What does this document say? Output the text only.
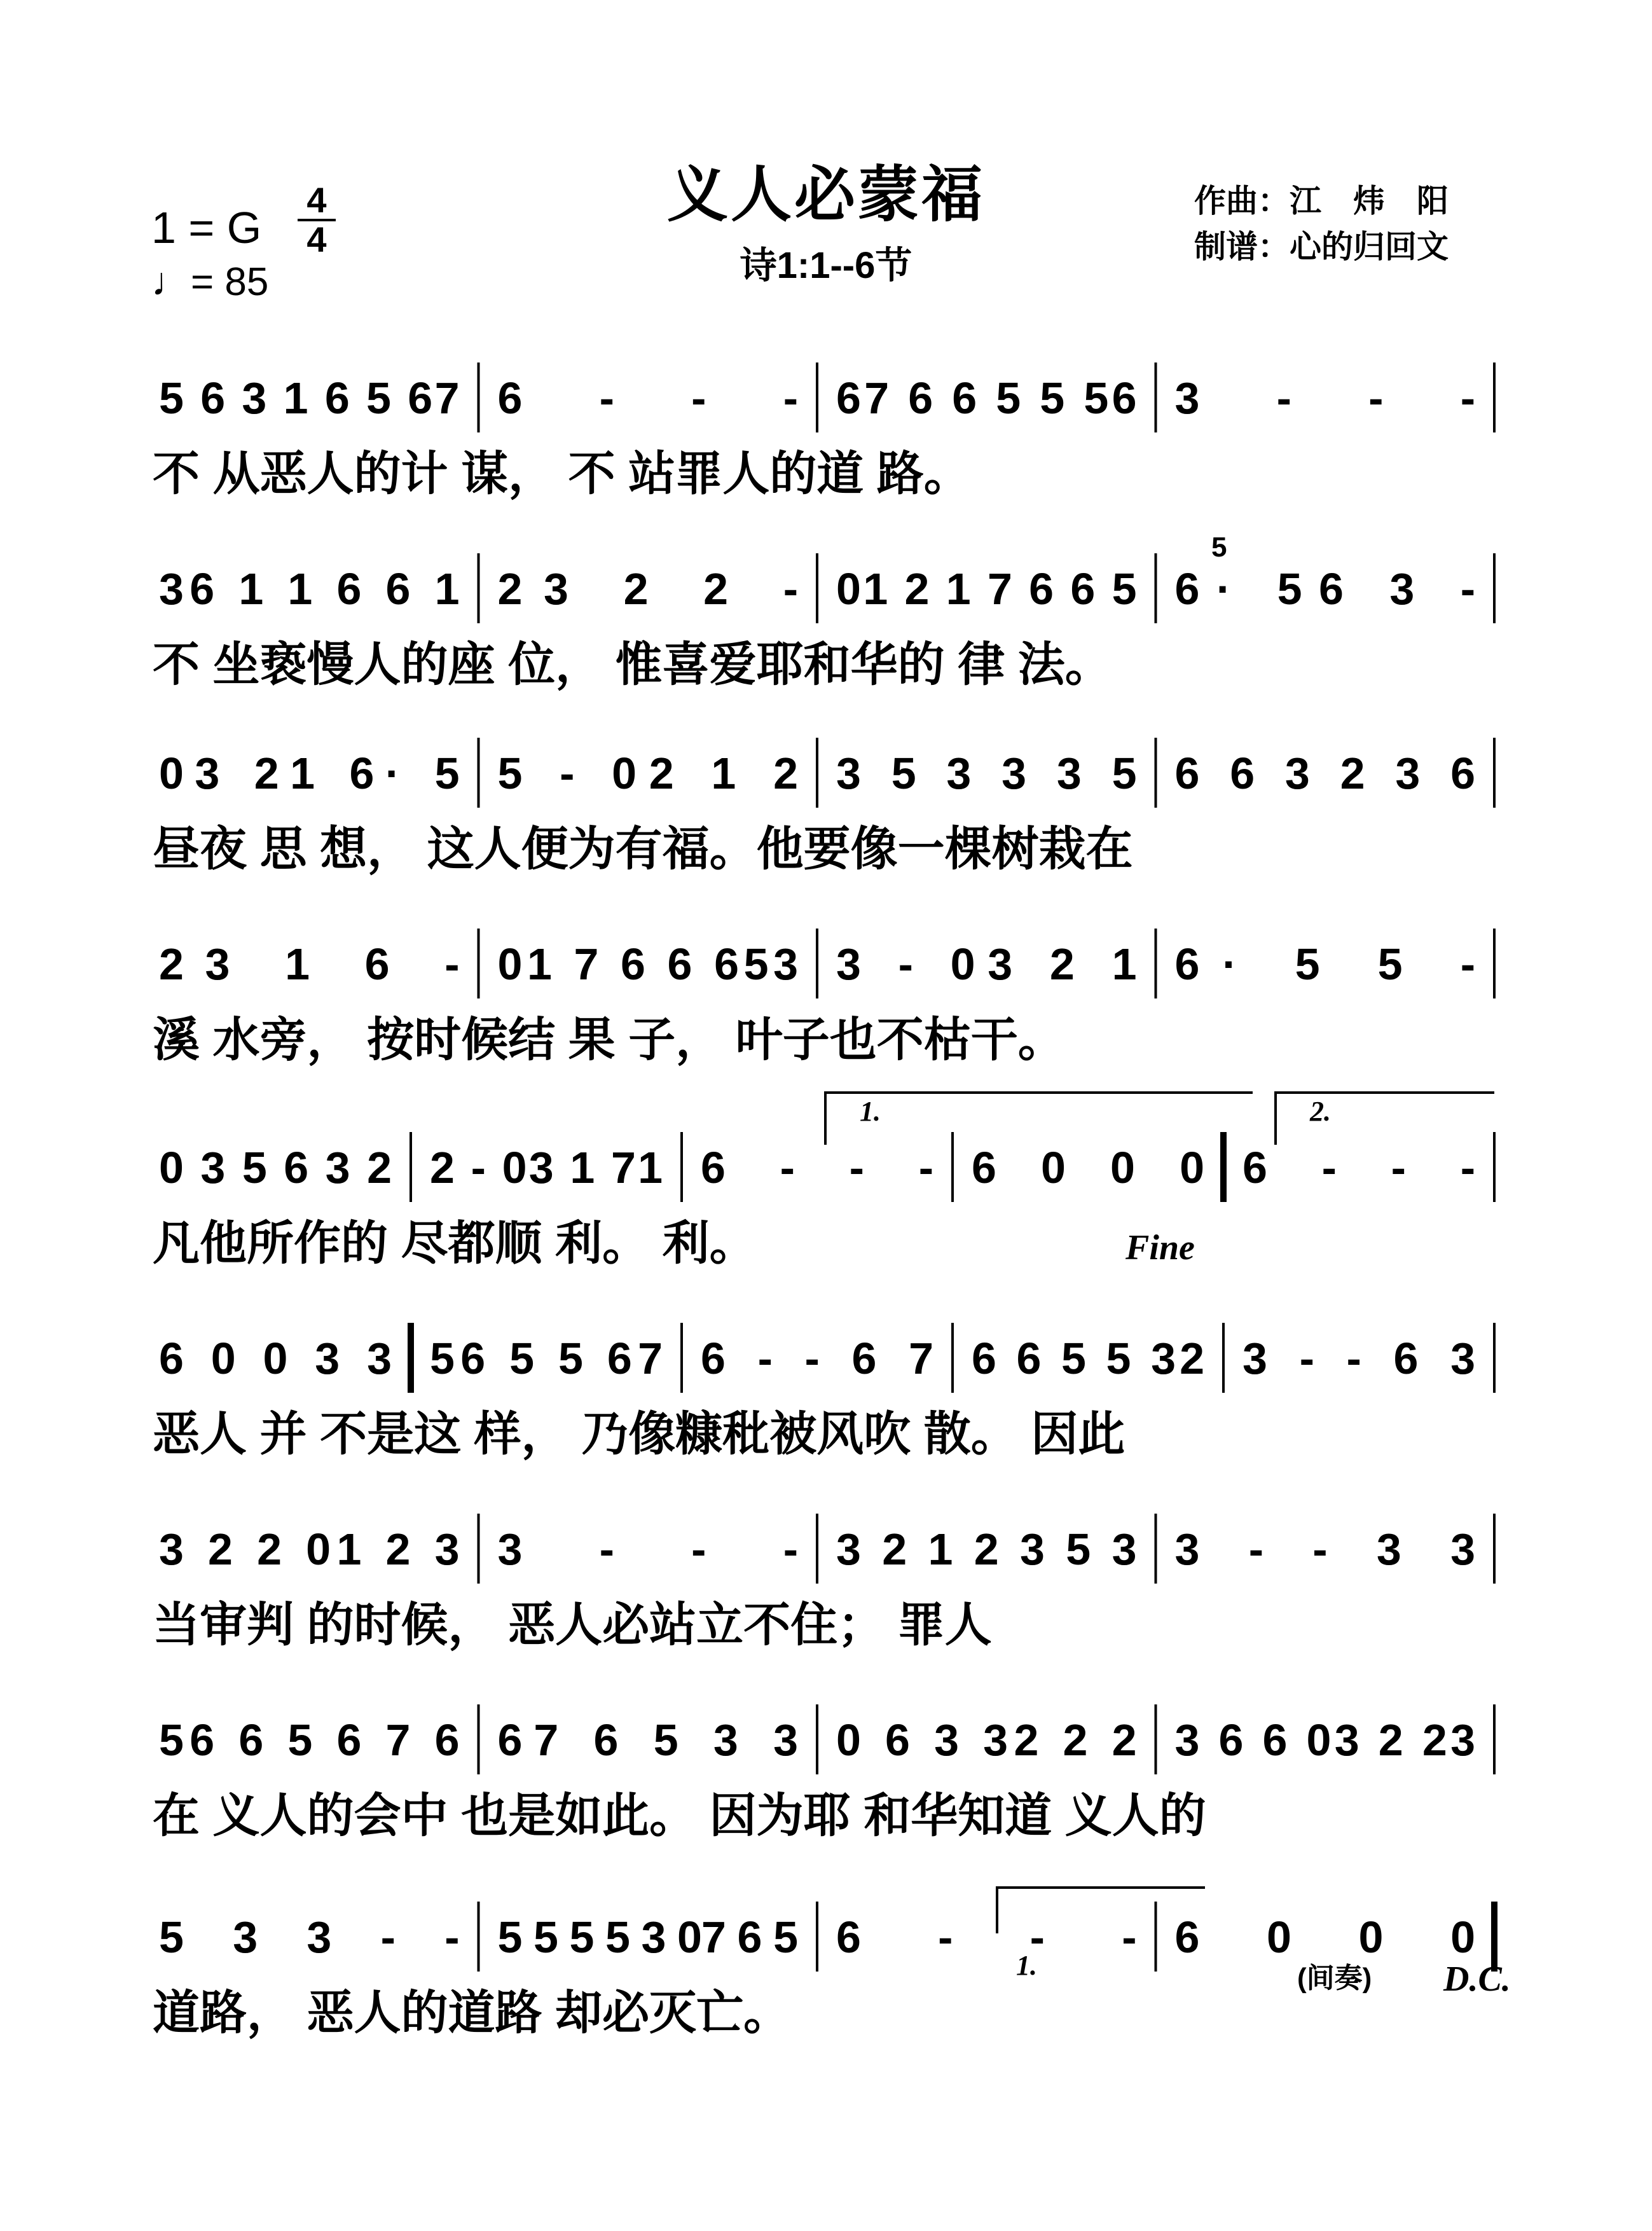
义人必蒙福
诗1:1--6节
1 = G
4
4
♩= 85
作曲：江　炜　阳
制谱：心的归回文
5 6 3 1 6 5 67 6 - - - 67 6 6 5 5 56 3 - - -
不 从恶人的计 谋， 不 站罪人的道 路。
36 1 1 6 6 1 23 2 2 - 01 2 1 7 6 6 5 6· 56 3 -
不 坐亵慢人的座 位， 惟喜爱耶和华的 律 法。
03 21 6· 5 5 - 02 1 2 3 5 3 3 3 5 6 6 3 2 3 6
昼夜 思 想， 这人便为有福。他要像一棵树栽在
23 1 6 - 01 7 6 6 653 3 - 03 2 1 6· 5 5 -
溪 水旁， 按时候结 果 子， 叶子也不枯干。
0 3 5 6 3 2 2 - 03 1 71 6 - - - 6 0 0 0 6 - - -
凡他所作的 尽都顺 利。 利。
6 0 0 3 3 56 5 5 67 6 - - 6 7 6 6 5 5 32 3 - - 6 3
恶人 并 不是这 样， 乃像糠秕被风吹 散。 因此
3 2 2 01 2 3 3 - - - 3 2 1 2 3 5 3 3 - - 3 3
当审判 的时候， 恶人必站立不住； 罪人
56 6 5 6 7 6 67 6 5 3 3 0 6 3 32 2 2 3 6 6 03 2 23
在 义人的会中 也是如此。 因为耶 和华知道 义人的
5 3 3 - - 5 5 5 5 3 07 6 5 6 - - - 6 0 0 0
道路， 恶人的道路 却必灭亡。
Fine
D.C.
(间奏)
1.	2.
1.
5
